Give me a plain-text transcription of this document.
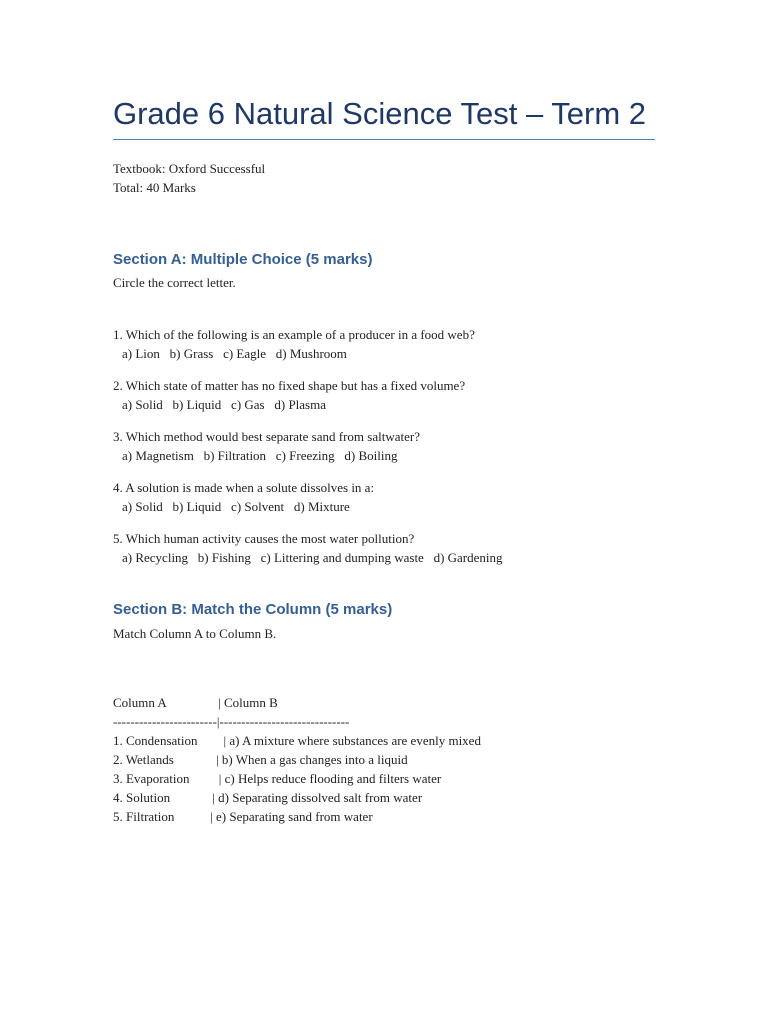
Grade 6 Natural Science Test – Term 2

Textbook: Oxford Successful

Total: 40 Marks

Section A: Multiple Choice (5 marks)

Circle the correct letter.

1. Which of the following is an example of a producer in a food web?

a) Lion   b) Grass   c) Eagle   d) Mushroom

2. Which state of matter has no fixed shape but has a fixed volume?

a) Solid   b) Liquid   c) Gas   d) Plasma

3. Which method would best separate sand from saltwater?

a) Magnetism   b) Filtration   c) Freezing   d) Boiling

4. A solution is made when a solute dissolves in a:

a) Solid   b) Liquid   c) Solvent   d) Mixture

5. Which human activity causes the most water pollution?

a) Recycling   b) Fishing   c) Littering and dumping waste   d) Gardening

Section B: Match the Column (5 marks)

Match Column A to Column B.

Column A                | Column B

------------------------|------------------------------

1. Condensation        | a) A mixture where substances are evenly mixed

2. Wetlands             | b) When a gas changes into a liquid

3. Evaporation         | c) Helps reduce flooding and filters water

4. Solution             | d) Separating dissolved salt from water

5. Filtration           | e) Separating sand from water
